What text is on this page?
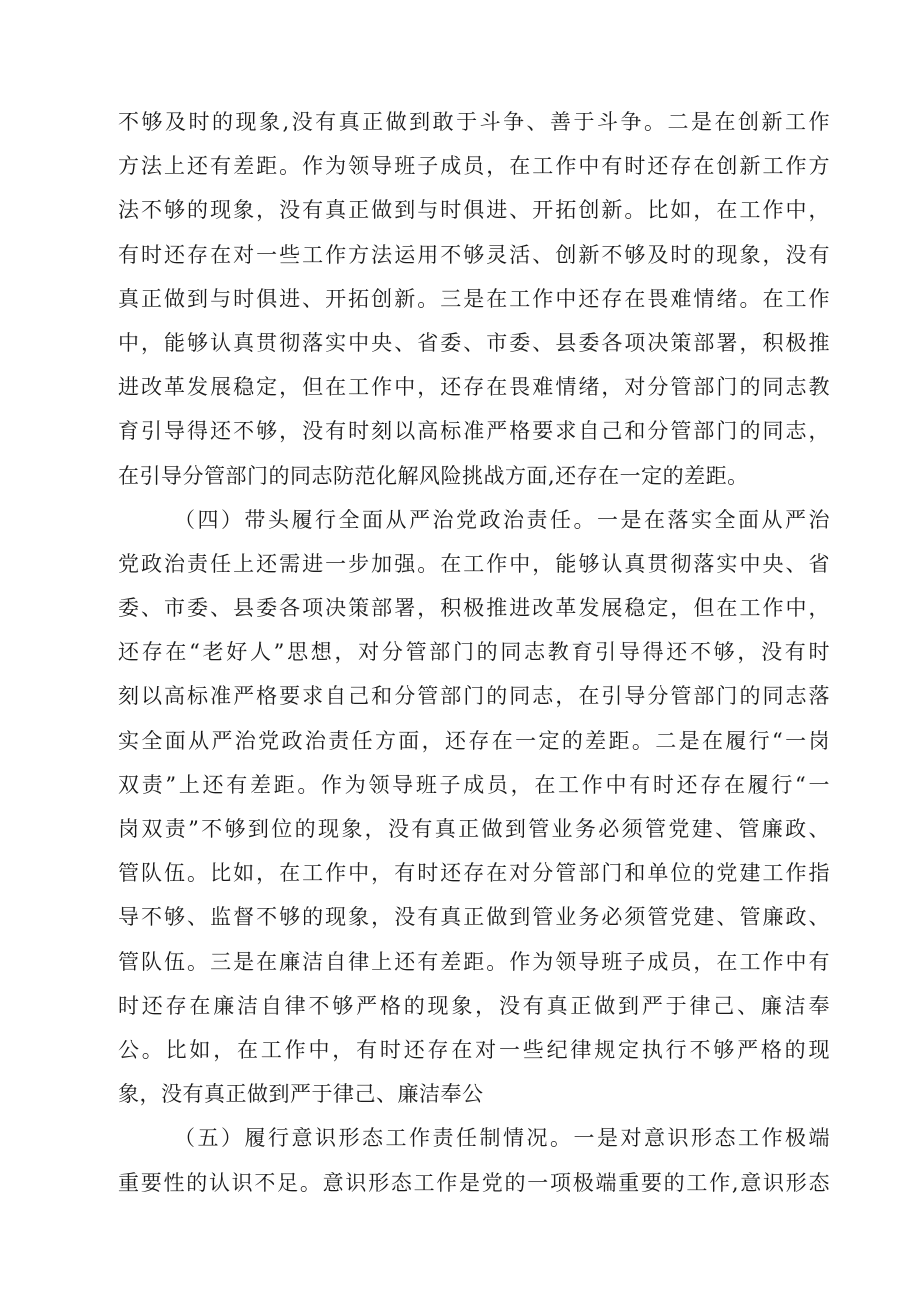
不够及时的现象,没有真正做到敢于斗争、善于斗争。二是在创新工作
方法上还有差距。作为领导班子成员，在工作中有时还存在创新工作方
法不够的现象，没有真正做到与时俱进、开拓创新。比如，在工作中，
有时还存在对一些工作方法运用不够灵活、创新不够及时的现象，没有
真正做到与时俱进、开拓创新。三是在工作中还存在畏难情绪。在工作
中，能够认真贯彻落实中央、省委、市委、县委各项决策部署，积极推
进改革发展稳定，但在工作中，还存在畏难情绪，对分管部门的同志教
育引导得还不够，没有时刻以高标准严格要求自己和分管部门的同志，
在引导分管部门的同志防范化解风险挑战方面,还存在一定的差距。
（四）带头履行全面从严治党政治责任。一是在落实全面从严治
党政治责任上还需进一步加强。在工作中，能够认真贯彻落实中央、省
委、市委、县委各项决策部署，积极推进改革发展稳定，但在工作中，
还存在“老好人”思想，对分管部门的同志教育引导得还不够，没有时
刻以高标准严格要求自己和分管部门的同志，在引导分管部门的同志落
实全面从严治党政治责任方面，还存在一定的差距。二是在履行“一岗
双责”上还有差距。作为领导班子成员，在工作中有时还存在履行“一
岗双责”不够到位的现象，没有真正做到管业务必须管党建、管廉政、
管队伍。比如，在工作中，有时还存在对分管部门和单位的党建工作指
导不够、监督不够的现象，没有真正做到管业务必须管党建、管廉政、
管队伍。三是在廉洁自律上还有差距。作为领导班子成员，在工作中有
时还存在廉洁自律不够严格的现象，没有真正做到严于律己、廉洁奉
公。比如，在工作中，有时还存在对一些纪律规定执行不够严格的现
象，没有真正做到严于律己、廉洁奉公
（五）履行意识形态工作责任制情况。一是对意识形态工作极端
重要性的认识不足。意识形态工作是党的一项极端重要的工作,意识形态
